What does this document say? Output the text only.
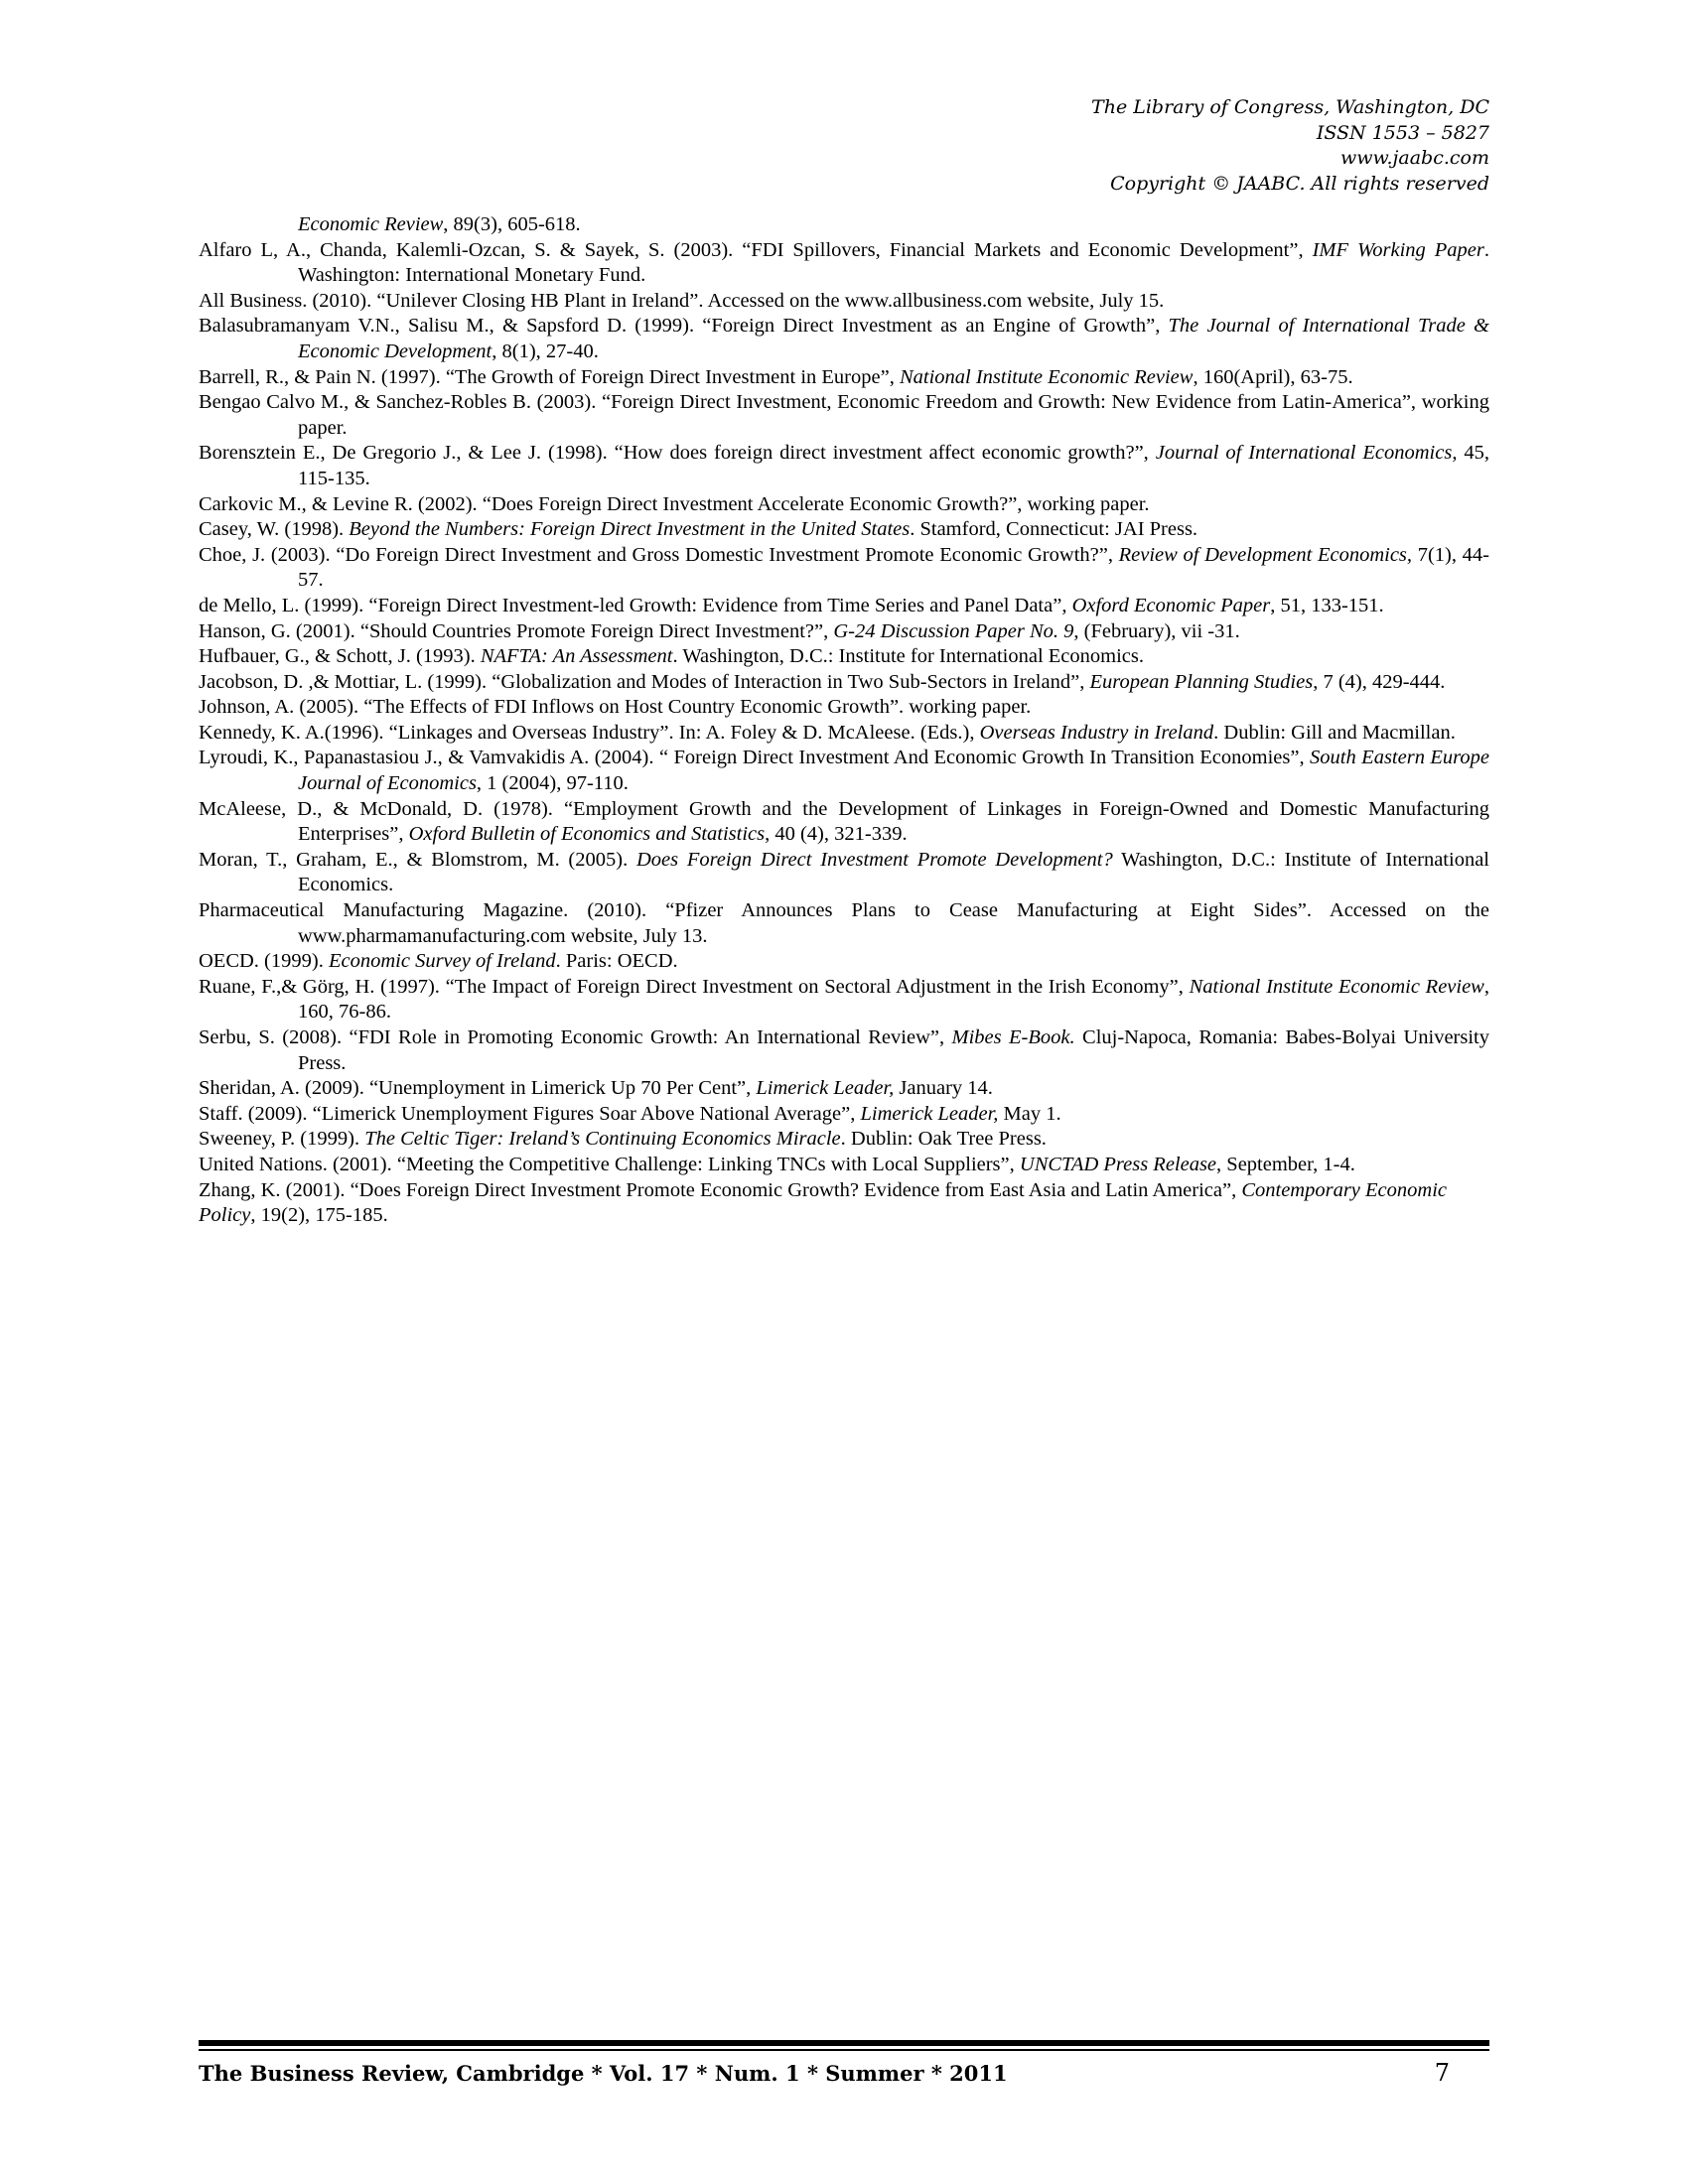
The Library of Congress, Washington, DC
ISSN 1553 – 5827
www.jaabc.com
Copyright © JAABC. All rights reserved
Economic Review, 89(3), 605-618.
Alfaro L, A., Chanda, Kalemli-Ozcan, S. & Sayek, S. (2003). “FDI Spillovers, Financial Markets and Economic Development”, IMF Working Paper. Washington: International Monetary Fund.
All Business. (2010). “Unilever Closing HB Plant in Ireland”. Accessed on the www.allbusiness.com website, July 15.
Balasubramanyam V.N., Salisu M., & Sapsford D. (1999). “Foreign Direct Investment as an Engine of Growth”, The Journal of International Trade & Economic Development, 8(1), 27-40.
Barrell, R., & Pain N. (1997). “The Growth of Foreign Direct Investment in Europe”, National Institute Economic Review, 160(April), 63-75.
Bengao Calvo M., & Sanchez-Robles B. (2003). “Foreign Direct Investment, Economic Freedom and Growth: New Evidence from Latin-America”, working paper.
Borensztein E., De Gregorio J., & Lee J. (1998). “How does foreign direct investment affect economic growth?”, Journal of International Economics, 45, 115-135.
Carkovic M., & Levine R. (2002). “Does Foreign Direct Investment Accelerate Economic Growth?”, working paper.
Casey, W. (1998). Beyond the Numbers: Foreign Direct Investment in the United States. Stamford, Connecticut: JAI Press.
Choe, J. (2003). “Do Foreign Direct Investment and Gross Domestic Investment Promote Economic Growth?”, Review of Development Economics, 7(1), 44-57.
de Mello, L. (1999). “Foreign Direct Investment-led Growth: Evidence from Time Series and Panel Data”, Oxford Economic Paper, 51, 133-151.
Hanson, G. (2001). “Should Countries Promote Foreign Direct Investment?”, G-24 Discussion Paper No. 9, (February), vii -31.
Hufbauer, G., & Schott, J. (1993). NAFTA: An Assessment. Washington, D.C.: Institute for International Economics.
Jacobson, D. ,& Mottiar, L. (1999). “Globalization and Modes of Interaction in Two Sub-Sectors in Ireland”, European Planning Studies, 7 (4), 429-444.
Johnson, A. (2005). “The Effects of FDI Inflows on Host Country Economic Growth”. working paper.
Kennedy, K. A.(1996). “Linkages and Overseas Industry”. In: A. Foley & D. McAleese. (Eds.), Overseas Industry in Ireland. Dublin: Gill and Macmillan.
Lyroudi, K., Papanastasiou J., & Vamvakidis A. (2004). “ Foreign Direct Investment And Economic Growth In Transition Economies”, South Eastern Europe Journal of Economics, 1 (2004), 97-110.
McAleese, D., & McDonald, D. (1978). “Employment Growth and the Development of Linkages in Foreign-Owned and Domestic Manufacturing Enterprises”, Oxford Bulletin of Economics and Statistics, 40 (4), 321-339.
Moran, T., Graham, E., & Blomstrom, M. (2005). Does Foreign Direct Investment Promote Development? Washington, D.C.: Institute of International Economics.
Pharmaceutical Manufacturing Magazine. (2010). “Pfizer Announces Plans to Cease Manufacturing at Eight Sides”. Accessed on the www.pharmamanufacturing.com website, July 13.
OECD. (1999). Economic Survey of Ireland. Paris: OECD.
Ruane, F.,& Görg, H. (1997). “The Impact of Foreign Direct Investment on Sectoral Adjustment in the Irish Economy”, National Institute Economic Review, 160, 76-86.
Serbu, S. (2008). “FDI Role in Promoting Economic Growth: An International Review”, Mibes E-Book. Cluj-Napoca, Romania: Babes-Bolyai University Press.
Sheridan, A. (2009). “Unemployment in Limerick Up 70 Per Cent”, Limerick Leader, January 14.
Staff. (2009). “Limerick Unemployment Figures Soar Above National Average”, Limerick Leader, May 1.
Sweeney, P. (1999). The Celtic Tiger: Ireland’s Continuing Economics Miracle. Dublin: Oak Tree Press.
United Nations. (2001). “Meeting the Competitive Challenge: Linking TNCs with Local Suppliers”, UNCTAD Press Release, September, 1-4.
Zhang, K. (2001). “Does Foreign Direct Investment Promote Economic Growth? Evidence from East Asia and Latin America”, Contemporary Economic Policy, 19(2), 175-185.
The Business Review, Cambridge * Vol. 17 * Num. 1 * Summer * 2011	7
